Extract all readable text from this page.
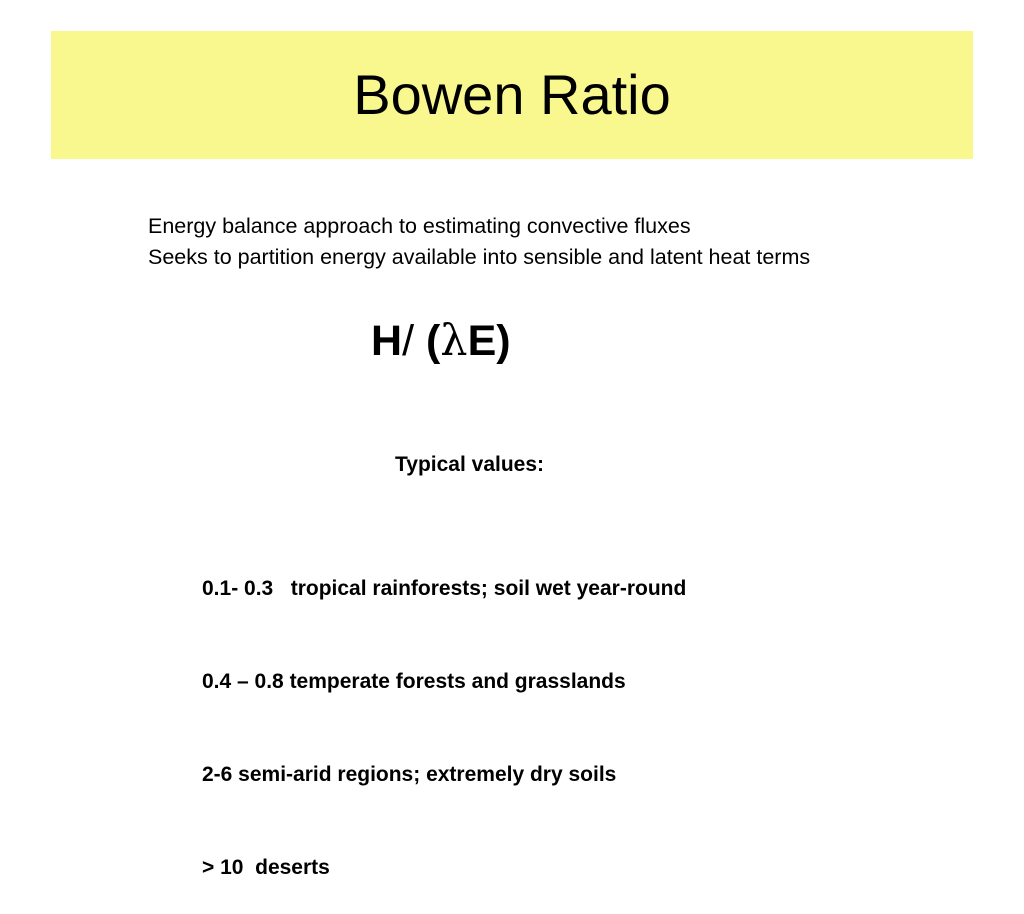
Bowen Ratio
Energy balance approach to estimating convective fluxes
Seeks to partition energy available into sensible and latent heat terms
H/ (λE)
Typical values:

0.1- 0.3   tropical rainforests; soil wet year-round

0.4 – 0.8 temperate forests and grasslands

2-6 semi-arid regions; extremely dry soils

> 10  deserts
